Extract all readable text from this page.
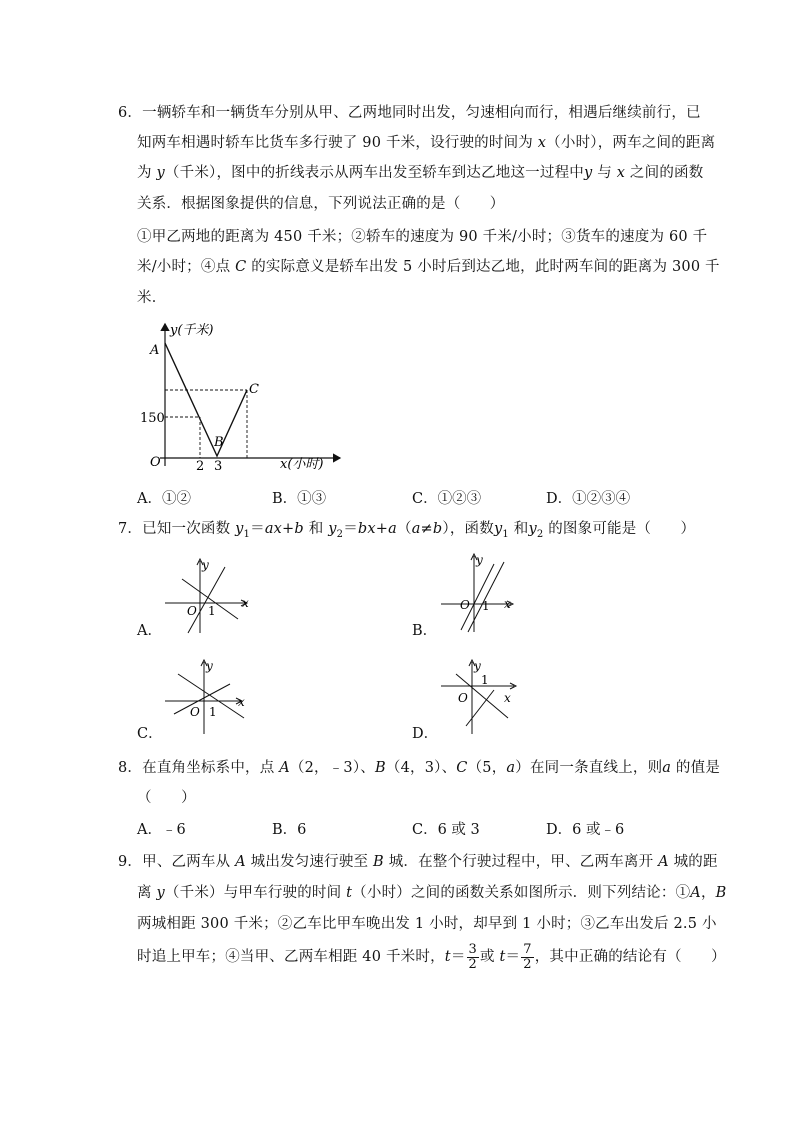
6．一辆轿车和一辆货车分别从甲、乙两地同时出发，匀速相向而行，相遇后继续前行，已
知两车相遇时轿车比货车多行驶了 90 千米，设行驶的时间为 x（小时），两车之间的距离
为 y（千米），图中的折线表示从两车出发至轿车到达乙地这一过程中y 与 x 之间的函数
关系．根据图象提供的信息，下列说法正确的是（　　）
①甲乙两地的距离为 450 千米；②轿车的速度为 90 千米/小时；③货车的速度为 60 千
米/小时；④点 C 的实际意义是轿车出发 5 小时后到达乙地，此时两车间的距离为 300 千
米．
y(千米)
x(小时)
A
B
C
O
150
2 3
A．①②	B．①③	C．①②③	D．①②③④
7．已知一次函数 $y_1=ax+b$ 和 $y_2=bx+a(a\ne b)$，函数$y_1$ 和$y_2$ 的图象可能是（　　）
y
x
O 1
A．
y
x
O 1
B．
y
x
O 1
C．
y
x
O
1
D．
8．在直角坐标系中，点 A（2，﹣3）、B（4，3）、C（5，a）在同一条直线上，则a 的值是
（　　）
A．﹣6	B．6	C．6 或 3	D．6 或﹣6
9．甲、乙两车从 A 城出发匀速行驶至 B 城．在整个行驶过程中，甲、乙两车离开 A 城的距
离 y（千米）与甲车行驶的时间 t（小时）之间的函数关系如图所示．则下列结论：①A，B
两城相距 300 千米；②乙车比甲车晚出发 1 小时，却早到 1 小时；③乙车出发后 2.5 小
时追上甲车；④当甲、乙两车相距 40 千米时，$t= \frac{3}{2}$ 或 $t= \frac{7}{2}$ ，其中正确的结论有（　　）
